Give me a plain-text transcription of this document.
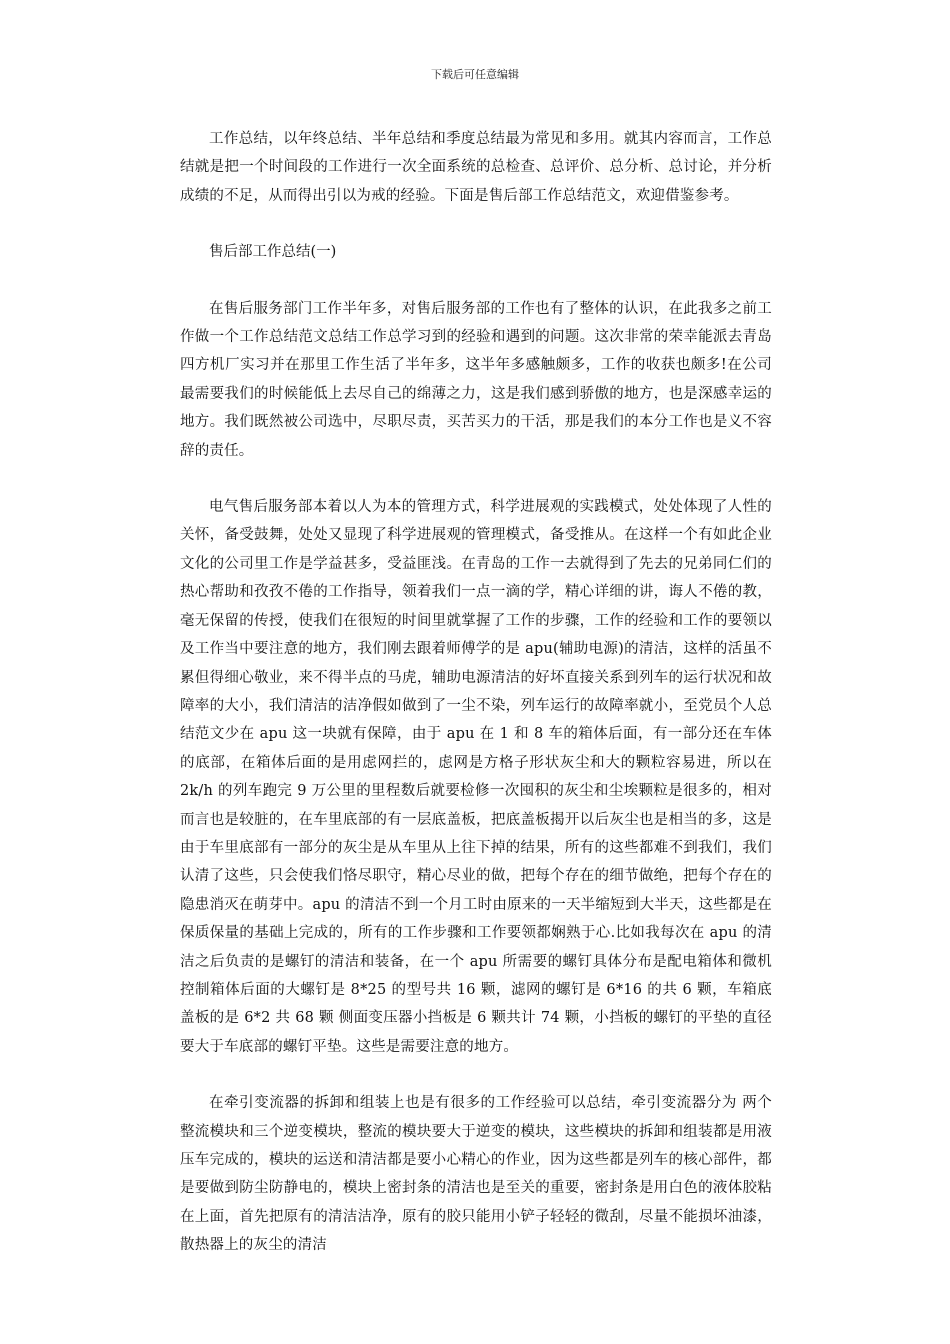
下载后可任意编辑

工作总结，以年终总结、半年总结和季度总结最为常见和多用。就其内容而言，工作总结就是把一个时间段的工作进行一次全面系统的总检查、总评价、总分析、总讨论，并分析成绩的不足，从而得出引以为戒的经验。下面是售后部工作总结范文，欢迎借鉴参考。

售后部工作总结(一)

在售后服务部门工作半年多，对售后服务部的工作也有了整体的认识，在此我多之前工作做一个工作总结范文总结工作总学习到的经验和遇到的问题。这次非常的荣幸能派去青岛四方机厂实习并在那里工作生活了半年多，这半年多感触颇多，工作的收获也颇多!在公司最需要我们的时候能低上去尽自己的绵薄之力，这是我们感到骄傲的地方，也是深感幸运的地方。我们既然被公司选中，尽职尽责，买苦买力的干活，那是我们的本分工作也是义不容辞的责任。

电气售后服务部本着以人为本的管理方式，科学进展观的实践模式，处处体现了人性的关怀，备受鼓舞，处处又显现了科学进展观的管理模式，备受推从。在这样一个有如此企业文化的公司里工作是学益甚多，受益匪浅。在青岛的工作一去就得到了先去的兄弟同仁们的热心帮助和孜孜不倦的工作指导，领着我们一点一滴的学，精心详细的讲，诲人不倦的教，毫无保留的传授，使我们在很短的时间里就掌握了工作的步骤，工作的经验和工作的要领以及工作当中要注意的地方，我们刚去跟着师傅学的是 apu(辅助电源)的清洁，这样的活虽不累但得细心敬业，来不得半点的马虎，辅助电源清洁的好坏直接关系到列车的运行状况和故障率的大小，我们清洁的洁净假如做到了一尘不染，列车运行的故障率就小，至党员个人总结范文少在 apu 这一块就有保障，由于 apu 在 1 和 8 车的箱体后面，有一部分还在车体的底部，在箱体后面的是用虑网拦的，虑网是方格子形状灰尘和大的颗粒容易进，所以在 2k/h 的列车跑完 9 万公里的里程数后就要检修一次囤积的灰尘和尘埃颗粒是很多的，相对而言也是较脏的，在车里底部的有一层底盖板，把底盖板揭开以后灰尘也是相当的多，这是由于车里底部有一部分的灰尘是从车里从上往下掉的结果，所有的这些都难不到我们，我们认清了这些，只会使我们恪尽职守，精心尽业的做，把每个存在的细节做绝，把每个存在的隐患消灭在萌芽中。apu 的清洁不到一个月工时由原来的一天半缩短到大半天，这些都是在保质保量的基础上完成的，所有的工作步骤和工作要领都娴熟于心.比如我每次在 apu 的清洁之后负责的是螺钉的清洁和装备，在一个 apu 所需要的螺钉具体分布是配电箱体和微机控制箱体后面的大螺钉是 8*25 的型号共 16 颗，滤网的螺钉是 6*16 的共 6 颗，车箱底盖板的是 6*2 共 68 颗 侧面变压器小挡板是 6 颗共计 74 颗，小挡板的螺钉的平垫的直径要大于车底部的螺钉平垫。这些是需要注意的地方。

在牵引变流器的拆卸和组装上也是有很多的工作经验可以总结，牵引变流器分为 两个整流模块和三个逆变模块，整流的模块要大于逆变的模块，这些模块的拆卸和组装都是用液压车完成的，模块的运送和清洁都是要小心精心的作业，因为这些都是列车的核心部件，都是要做到防尘防静电的，模块上密封条的清洁也是至关的重要，密封条是用白色的液体胶粘在上面，首先把原有的清洁洁净，原有的胶只能用小铲子轻轻的微刮，尽量不能损坏油漆，散热器上的灰尘的清洁
